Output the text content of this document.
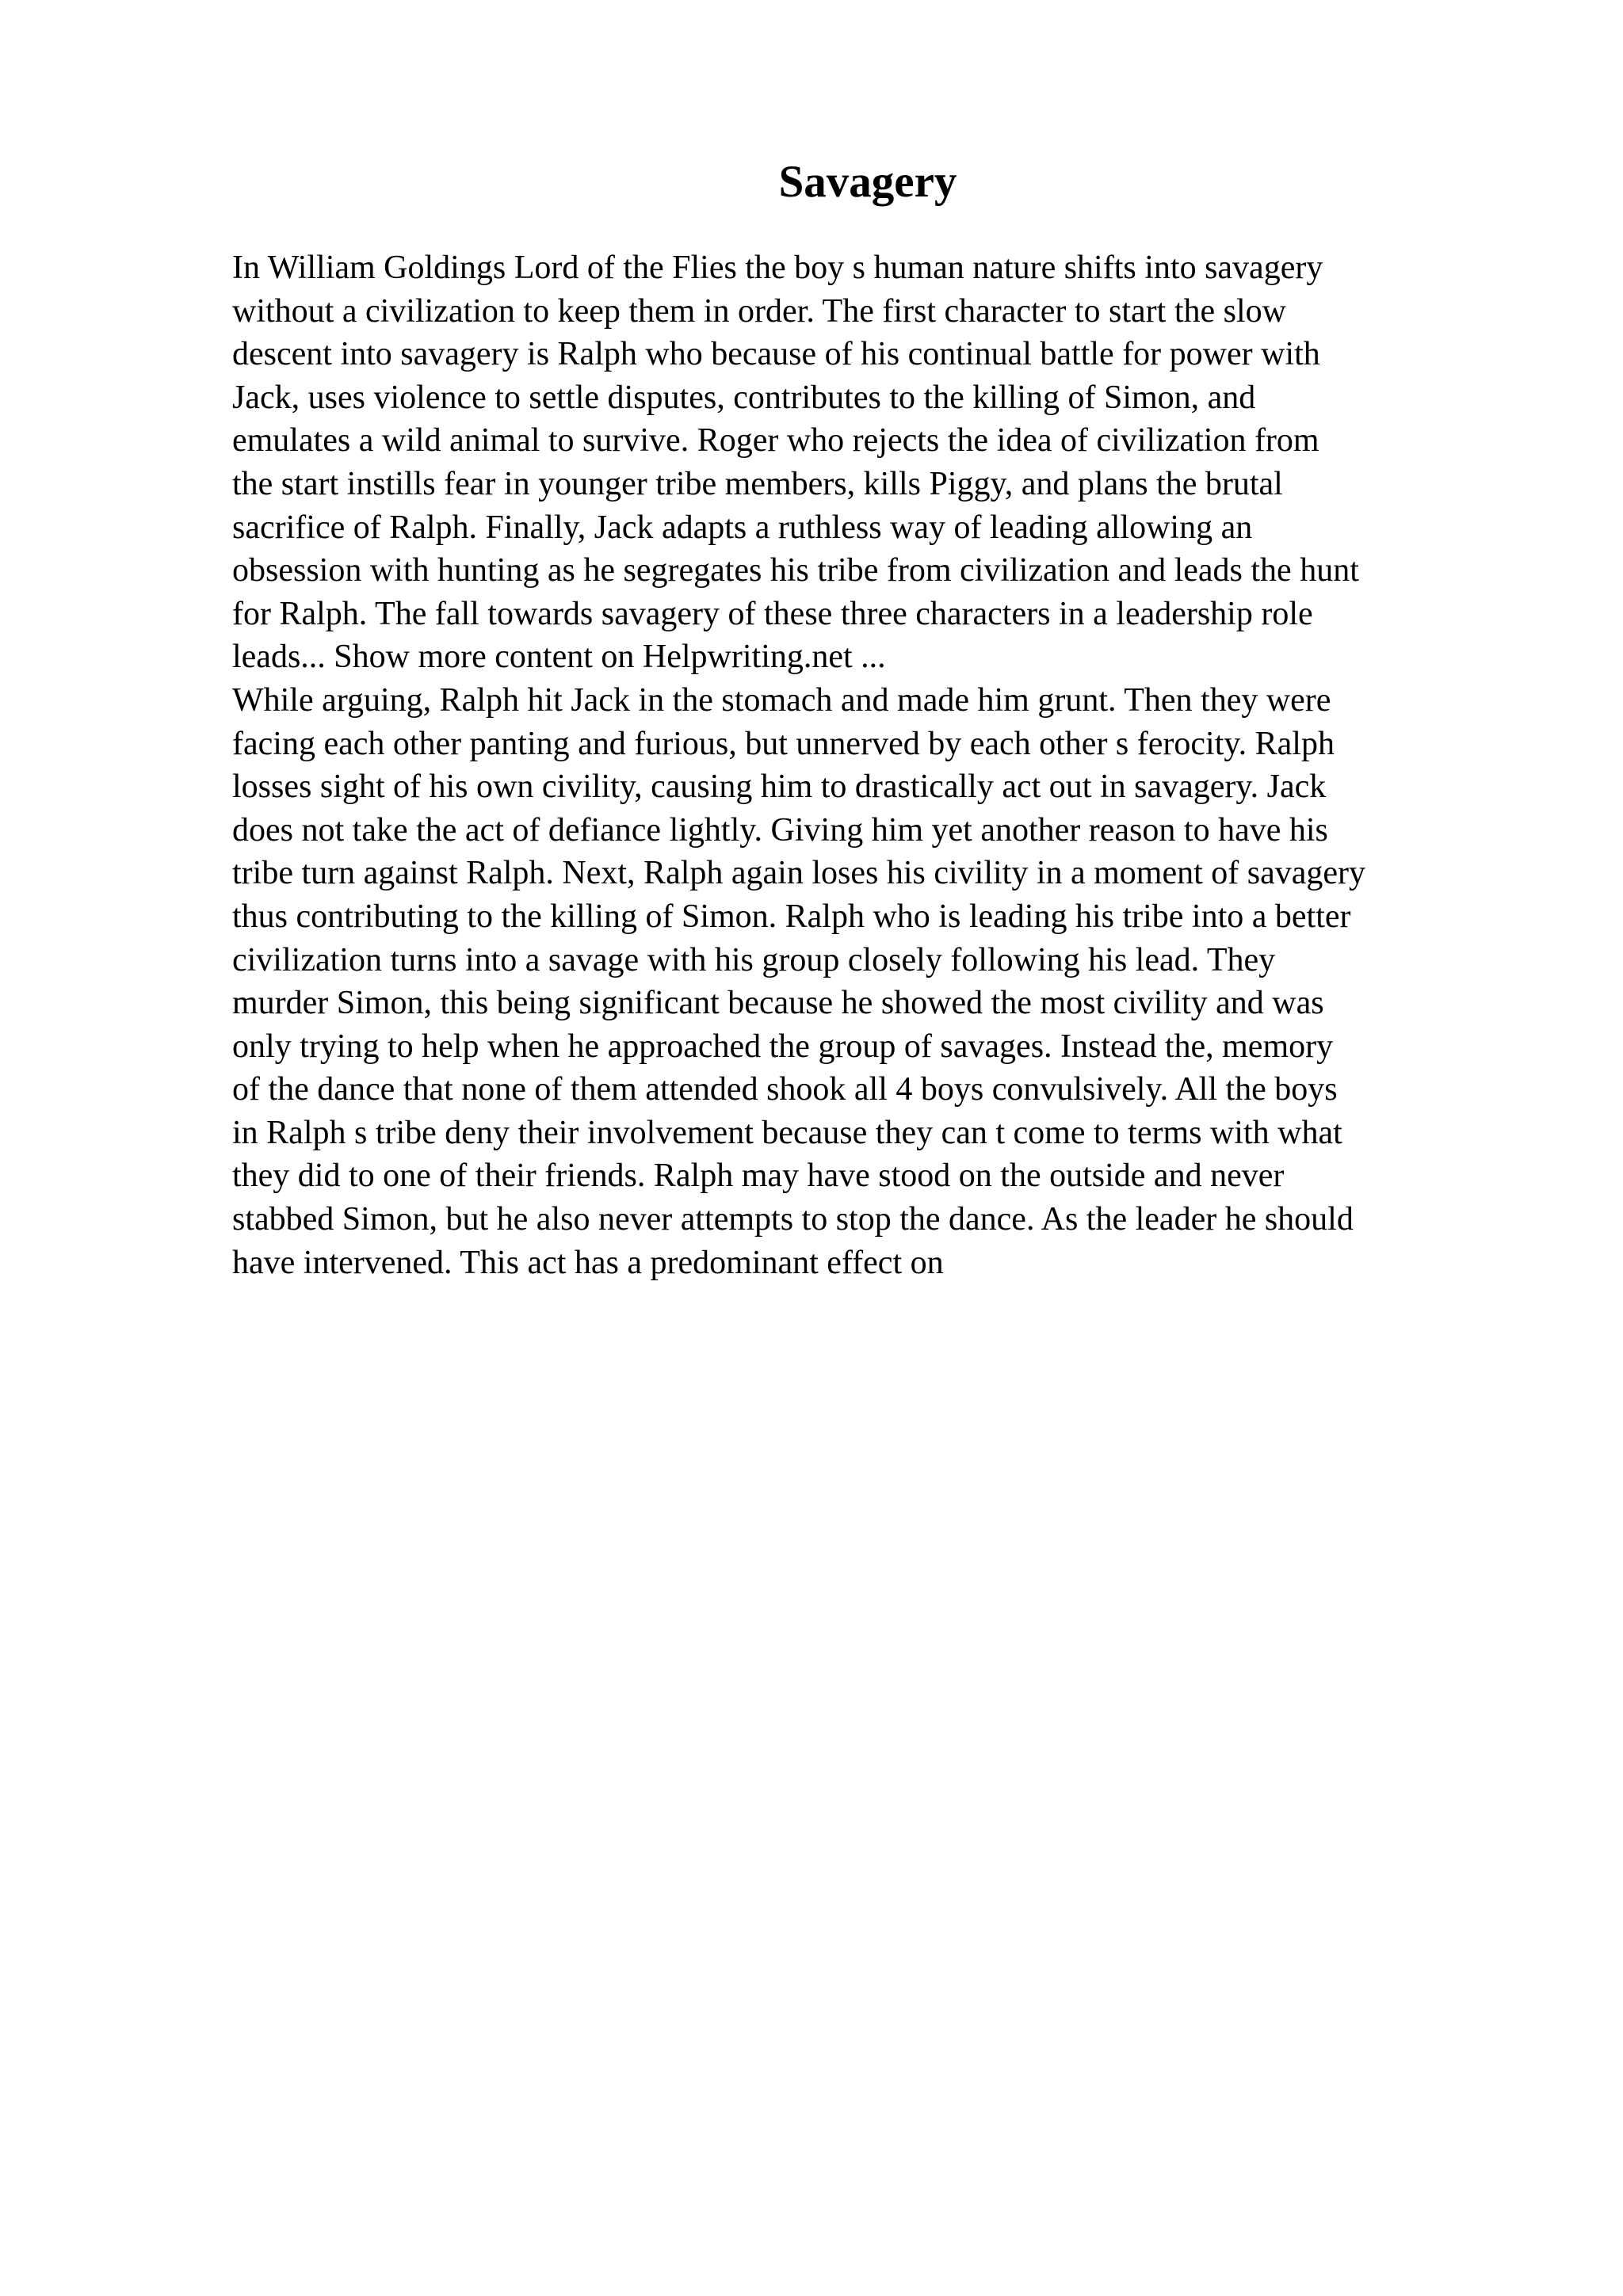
Savagery
In William Goldings Lord of the Flies the boy s human nature shifts into savagery
without a civilization to keep them in order. The first character to start the slow
descent into savagery is Ralph who because of his continual battle for power with
Jack, uses violence to settle disputes, contributes to the killing of Simon, and
emulates a wild animal to survive. Roger who rejects the idea of civilization from
the start instills fear in younger tribe members, kills Piggy, and plans the brutal
sacrifice of Ralph. Finally, Jack adapts a ruthless way of leading allowing an
obsession with hunting as he segregates his tribe from civilization and leads the hunt
for Ralph. The fall towards savagery of these three characters in a leadership role
leads... Show more content on Helpwriting.net ...
While arguing, Ralph hit Jack in the stomach and made him grunt. Then they were
facing each other panting and furious, but unnerved by each other s ferocity. Ralph
losses sight of his own civility, causing him to drastically act out in savagery. Jack
does not take the act of defiance lightly. Giving him yet another reason to have his
tribe turn against Ralph. Next, Ralph again loses his civility in a moment of savagery
thus contributing to the killing of Simon. Ralph who is leading his tribe into a better
civilization turns into a savage with his group closely following his lead. They
murder Simon, this being significant because he showed the most civility and was
only trying to help when he approached the group of savages. Instead the, memory
of the dance that none of them attended shook all 4 boys convulsively. All the boys
in Ralph s tribe deny their involvement because they can t come to terms with what
they did to one of their friends. Ralph may have stood on the outside and never
stabbed Simon, but he also never attempts to stop the dance. As the leader he should
have intervened. This act has a predominant effect on
